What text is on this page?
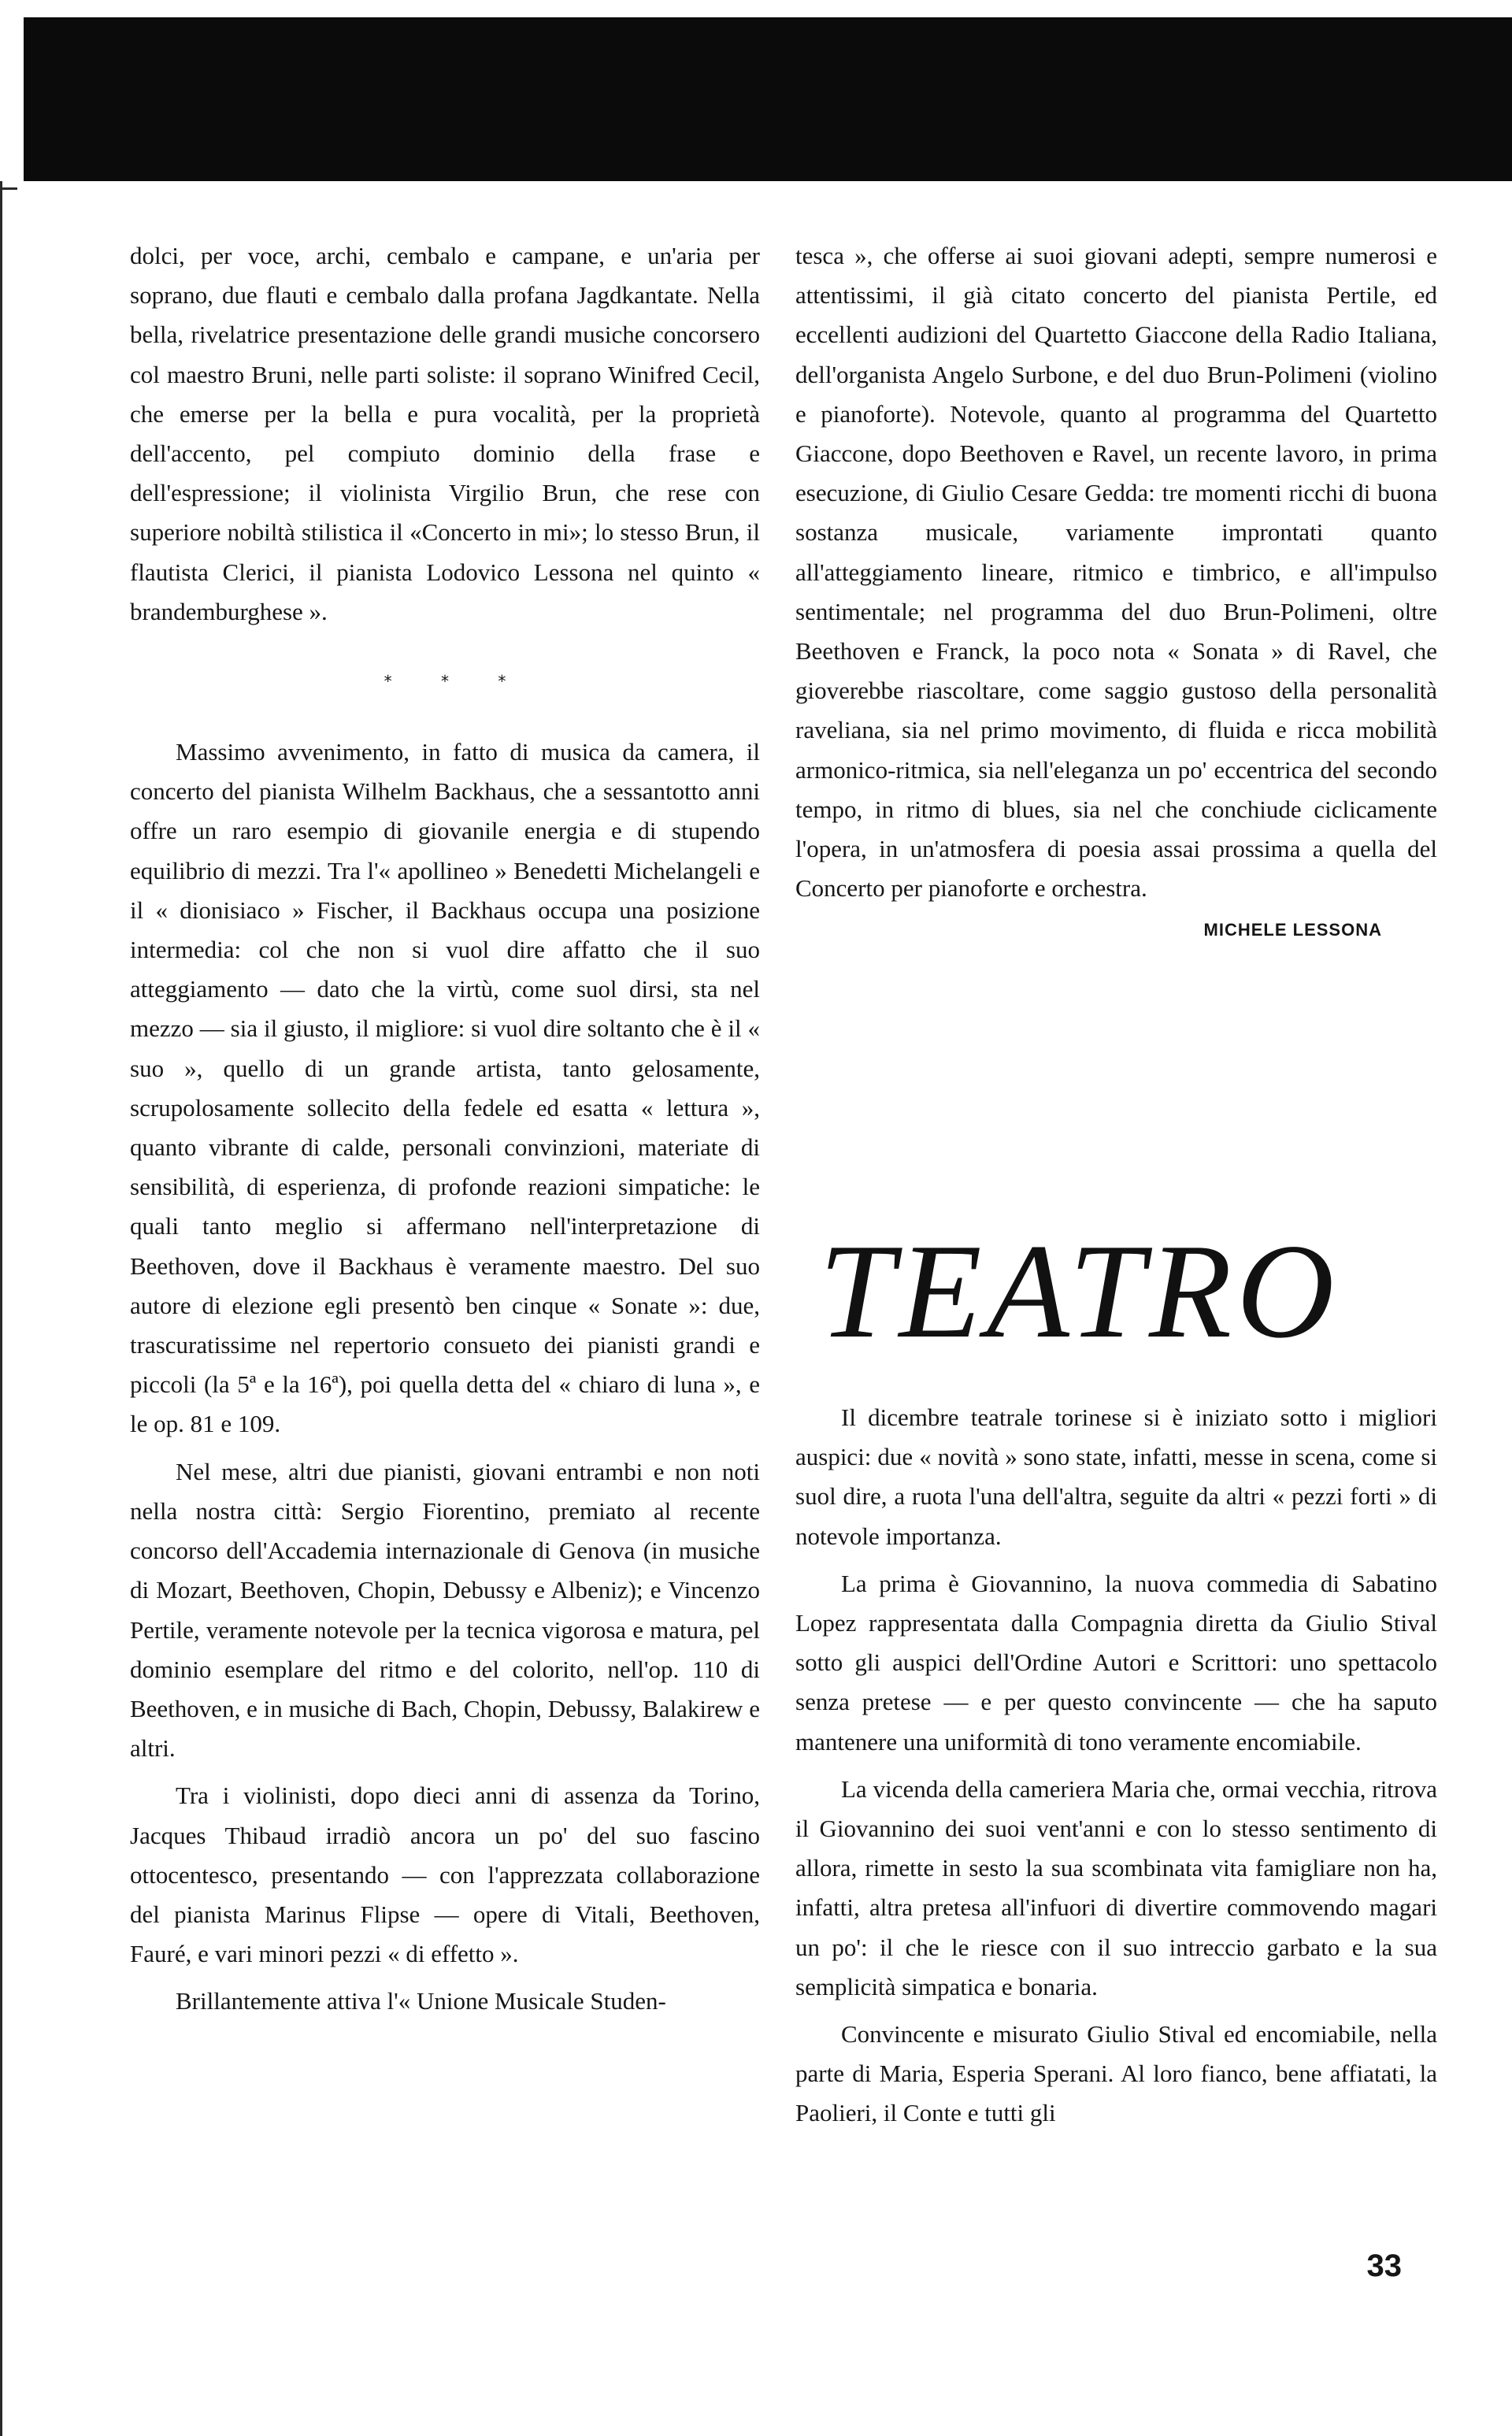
dolci, per voce, archi, cembalo e campane, e un'aria per soprano, due flauti e cembalo dalla profana Jagdkantate. Nella bella, rivelatrice presentazione delle grandi musiche concorsero col maestro Bruni, nelle parti soliste: il soprano Winifred Cecil, che emerse per la bella e pura vocalità, per la proprietà dell'accento, pel compiuto dominio della frase e dell'espressione; il violinista Virgilio Brun, che rese con superiore nobiltà stilistica il «Concerto in mi»; lo stesso Brun, il flautista Clerici, il pianista Lodovico Lessona nel quinto « brandemburghese ».

* * *

Massimo avvenimento, in fatto di musica da camera, il concerto del pianista Wilhelm Backhaus, che a sessantotto anni offre un raro esempio di giovanile energia e di stupendo equilibrio di mezzi. Tra l'« apollineo » Benedetti Michelangeli e il « dionisiaco » Fischer, il Backhaus occupa una posizione intermedia: col che non si vuol dire affatto che il suo atteggiamento — dato che la virtù, come suol dirsi, sta nel mezzo — sia il giusto, il migliore: si vuol dire soltanto che è il « suo », quello di un grande artista, tanto gelosamente, scrupolosamente sollecito della fedele ed esatta « lettura », quanto vibrante di calde, personali convinzioni, materiate di sensibilità, di esperienza, di profonde reazioni simpatiche: le quali tanto meglio si affermano nell'interpretazione di Beethoven, dove il Backhaus è veramente maestro. Del suo autore di elezione egli presentò ben cinque « Sonate »: due, trascuratissime nel repertorio consueto dei pianisti grandi e piccoli (la 5ª e la 16ª), poi quella detta del « chiaro di luna », e le op. 81 e 109.

Nel mese, altri due pianisti, giovani entrambi e non noti nella nostra città: Sergio Fiorentino, premiato al recente concorso dell'Accademia internazionale di Genova (in musiche di Mozart, Beethoven, Chopin, Debussy e Albeniz); e Vincenzo Pertile, veramente notevole per la tecnica vigorosa e matura, pel dominio esemplare del ritmo e del colorito, nell'op. 110 di Beethoven, e in musiche di Bach, Chopin, Debussy, Balakirew e altri.

Tra i violinisti, dopo dieci anni di assenza da Torino, Jacques Thibaud irradiò ancora un po' del suo fascino ottocentesco, presentando — con l'apprezzata collaborazione del pianista Marinus Flipse — opere di Vitali, Beethoven, Fauré, e vari minori pezzi « di effetto ».

Brillantemente attiva l'« Unione Musicale Studen-

tesca », che offerse ai suoi giovani adepti, sempre numerosi e attentissimi, il già citato concerto del pianista Pertile, ed eccellenti audizioni del Quartetto Giaccone della Radio Italiana, dell'organista Angelo Surbone, e del duo Brun-Polimeni (violino e pianoforte). Notevole, quanto al programma del Quartetto Giaccone, dopo Beethoven e Ravel, un recente lavoro, in prima esecuzione, di Giulio Cesare Gedda: tre momenti ricchi di buona sostanza musicale, variamente improntati quanto all'atteggiamento lineare, ritmico e timbrico, e all'impulso sentimentale; nel programma del duo Brun-Polimeni, oltre Beethoven e Franck, la poco nota « Sonata » di Ravel, che gioverebbe riascoltare, come saggio gustoso della personalità raveliana, sia nel primo movimento, di fluida e ricca mobilità armonico-ritmica, sia nell'eleganza un po' eccentrica del secondo tempo, in ritmo di blues, sia nel che conchiude ciclicamente l'opera, in un'atmosfera di poesia assai prossima a quella del Concerto per pianoforte e orchestra.

MICHELE LESSONA

TEATRO

Il dicembre teatrale torinese si è iniziato sotto i migliori auspici: due « novità » sono state, infatti, messe in scena, come si suol dire, a ruota l'una dell'altra, seguite da altri « pezzi forti » di notevole importanza.

La prima è Giovannino, la nuova commedia di Sabatino Lopez rappresentata dalla Compagnia diretta da Giulio Stival sotto gli auspici dell'Ordine Autori e Scrittori: uno spettacolo senza pretese — e per questo convincente — che ha saputo mantenere una uniformità di tono veramente encomiabile.

La vicenda della cameriera Maria che, ormai vecchia, ritrova il Giovannino dei suoi vent'anni e con lo stesso sentimento di allora, rimette in sesto la sua scombinata vita famigliare non ha, infatti, altra pretesa all'infuori di divertire commovendo magari un po': il che le riesce con il suo intreccio garbato e la sua semplicità simpatica e bonaria.

Convincente e misurato Giulio Stival ed encomiabile, nella parte di Maria, Esperia Sperani. Al loro fianco, bene affiatati, la Paolieri, il Conte e tutti gli

33
